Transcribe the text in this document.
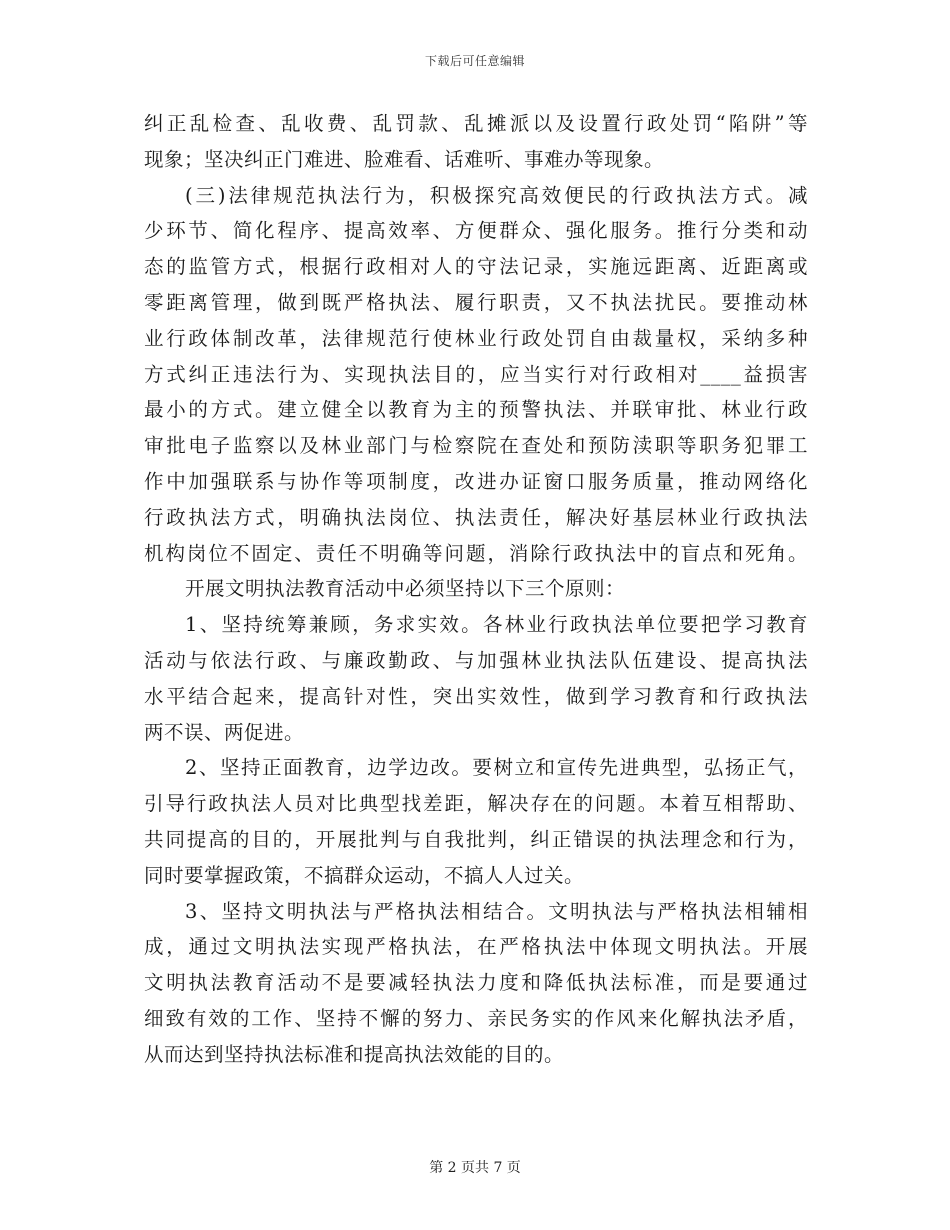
下载后可任意编辑
纠正乱检查、乱收费、乱罚款、乱摊派以及设置行政处罚“陷阱”等
现象；坚决纠正门难进、脸难看、话难听、事难办等现象。
(三)法律规范执法行为，积极探究高效便民的行政执法方式。减
少环节、简化程序、提高效率、方便群众、强化服务。推行分类和动
态的监管方式，根据行政相对人的守法记录，实施远距离、近距离或
零距离管理，做到既严格执法、履行职责，又不执法扰民。要推动林
业行政体制改革，法律规范行使林业行政处罚自由裁量权，采纳多种
方式纠正违法行为、实现执法目的，应当实行对行政相对____益损害
最小的方式。建立健全以教育为主的预警执法、并联审批、林业行政
审批电子监察以及林业部门与检察院在查处和预防渎职等职务犯罪工
作中加强联系与协作等项制度，改进办证窗口服务质量，推动网络化
行政执法方式，明确执法岗位、执法责任，解决好基层林业行政执法
机构岗位不固定、责任不明确等问题，消除行政执法中的盲点和死角。
开展文明执法教育活动中必须坚持以下三个原则：
1、坚持统筹兼顾，务求实效。各林业行政执法单位要把学习教育
活动与依法行政、与廉政勤政、与加强林业执法队伍建设、提高执法
水平结合起来，提高针对性，突出实效性，做到学习教育和行政执法
两不误、两促进。
2、坚持正面教育，边学边改。要树立和宣传先进典型，弘扬正气，
引导行政执法人员对比典型找差距，解决存在的问题。本着互相帮助、
共同提高的目的，开展批判与自我批判，纠正错误的执法理念和行为，
同时要掌握政策，不搞群众运动，不搞人人过关。
3、坚持文明执法与严格执法相结合。文明执法与严格执法相辅相
成，通过文明执法实现严格执法，在严格执法中体现文明执法。开展
文明执法教育活动不是要减轻执法力度和降低执法标准，而是要通过
细致有效的工作、坚持不懈的努力、亲民务实的作风来化解执法矛盾，
从而达到坚持执法标准和提高执法效能的目的。
第 2 页共 7 页
